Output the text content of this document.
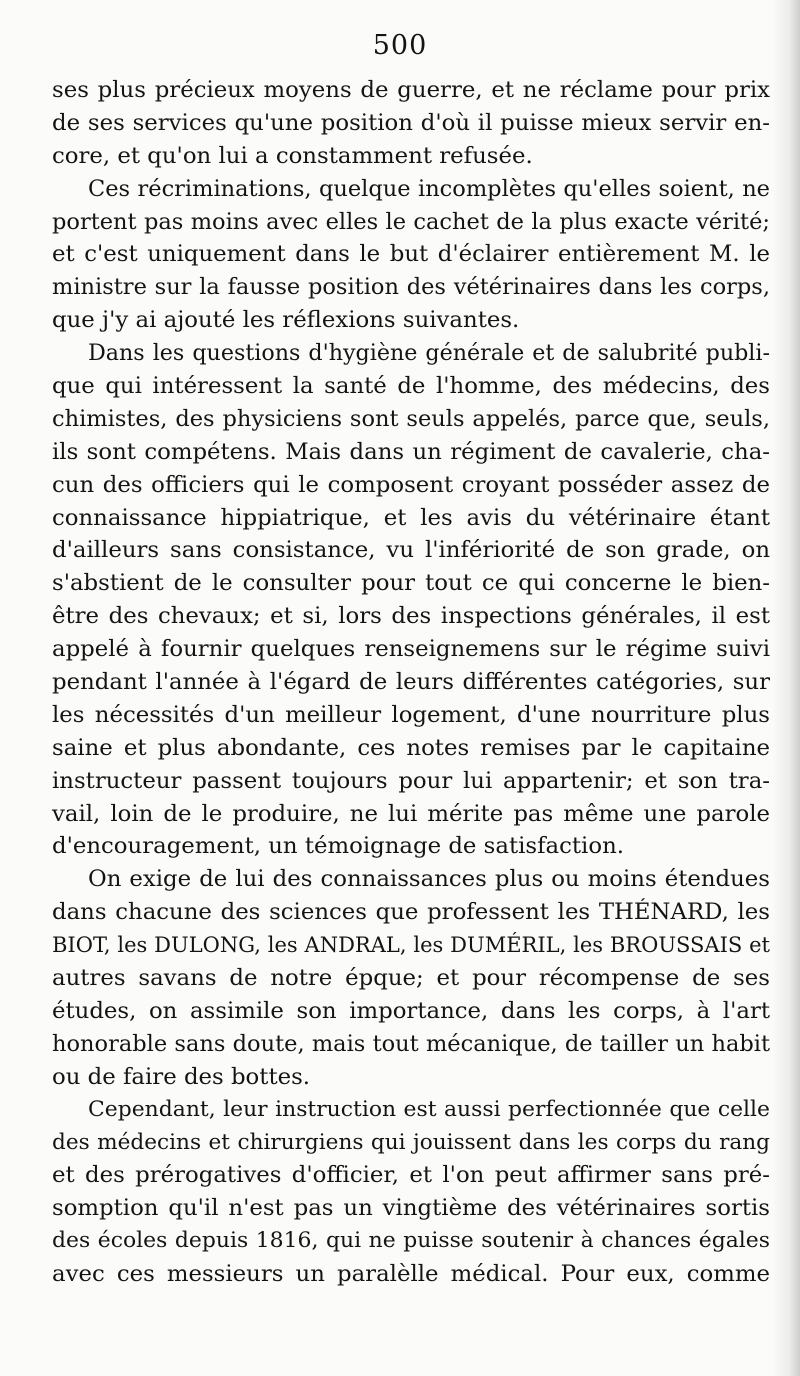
500
ses plus précieux moyens de guerre, et ne réclame pour prix
de ses services qu'une position d'où il puisse mieux servir en-
core, et qu'on lui a constamment refusée.
Ces récriminations, quelque incomplètes qu'elles soient, ne
portent pas moins avec elles le cachet de la plus exacte vérité;
et c'est uniquement dans le but d'éclairer entièrement M. le
ministre sur la fausse position des vétérinaires dans les corps,
que j'y ai ajouté les réflexions suivantes.
Dans les questions d'hygiène générale et de salubrité publi-
que qui intéressent la santé de l'homme, des médecins, des
chimistes, des physiciens sont seuls appelés, parce que, seuls,
ils sont compétens. Mais dans un régiment de cavalerie, cha-
cun des officiers qui le composent croyant posséder assez de
connaissance hippiatrique, et les avis du vétérinaire étant
d'ailleurs sans consistance, vu l'infériorité de son grade, on
s'abstient de le consulter pour tout ce qui concerne le bien-
être des chevaux; et si, lors des inspections générales, il est
appelé à fournir quelques renseignemens sur le régime suivi
pendant l'année à l'égard de leurs différentes catégories, sur
les nécessités d'un meilleur logement, d'une nourriture plus
saine et plus abondante, ces notes remises par le capitaine
instructeur passent toujours pour lui appartenir; et son tra-
vail, loin de le produire, ne lui mérite pas même une parole
d'encouragement, un témoignage de satisfaction.
On exige de lui des connaissances plus ou moins étendues
dans chacune des sciences que professent les THÉNARD, les
BIOT, les DULONG, les ANDRAL, les DUMÉRIL, les BROUSSAIS et
autres savans de notre épque; et pour récompense de ses
études, on assimile son importance, dans les corps, à l'art
honorable sans doute, mais tout mécanique, de tailler un habit
ou de faire des bottes.
Cependant, leur instruction est aussi perfectionnée que celle
des médecins et chirurgiens qui jouissent dans les corps du rang
et des prérogatives d'officier, et l'on peut affirmer sans pré-
somption qu'il n'est pas un vingtième des vétérinaires sortis
des écoles depuis 1816, qui ne puisse soutenir à chances égales
avec ces messieurs un paralèlle médical. Pour eux, comme
